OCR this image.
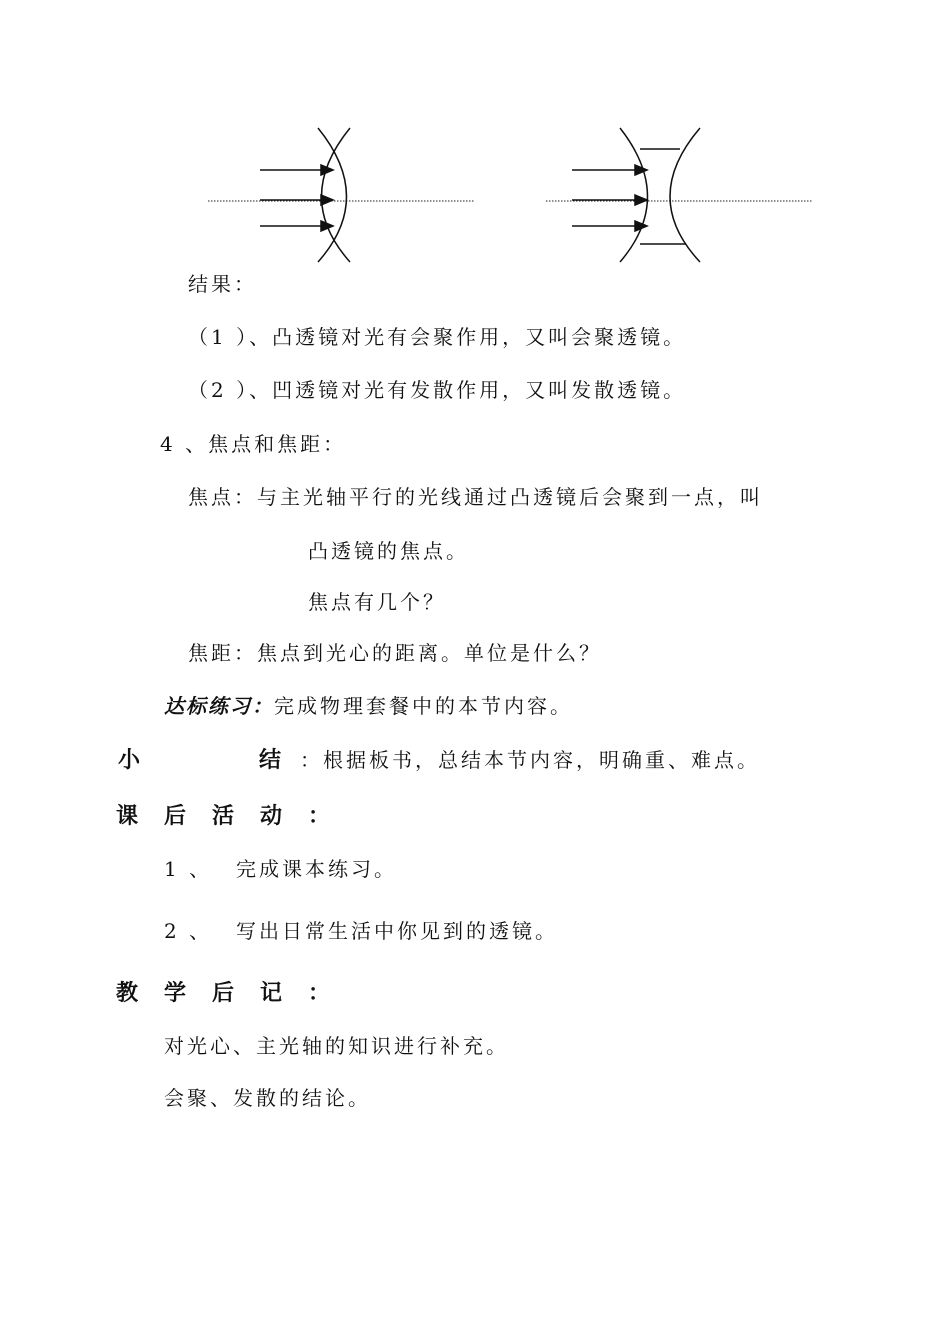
结果：
（1 ）、凸透镜对光有会聚作用，又叫会聚透镜。
（2 ）、凹透镜对光有发散作用，又叫发散透镜。
4 、焦点和焦距：
焦点：与主光轴平行的光线通过凸透镜后会聚到一点，叫
凸透镜的焦点。
焦点有几个？
焦距：焦点到光心的距离。单位是什么？
达标练习：完成物理套餐中的本节内容。
小	结 ：根据板书，总结本节内容，明确重、难点。
课后活动：
1 、 完成课本练习。
2 、 写出日常生活中你见到的透镜。
教学后记：
对光心、主光轴的知识进行补充。
会聚、发散的结论。
